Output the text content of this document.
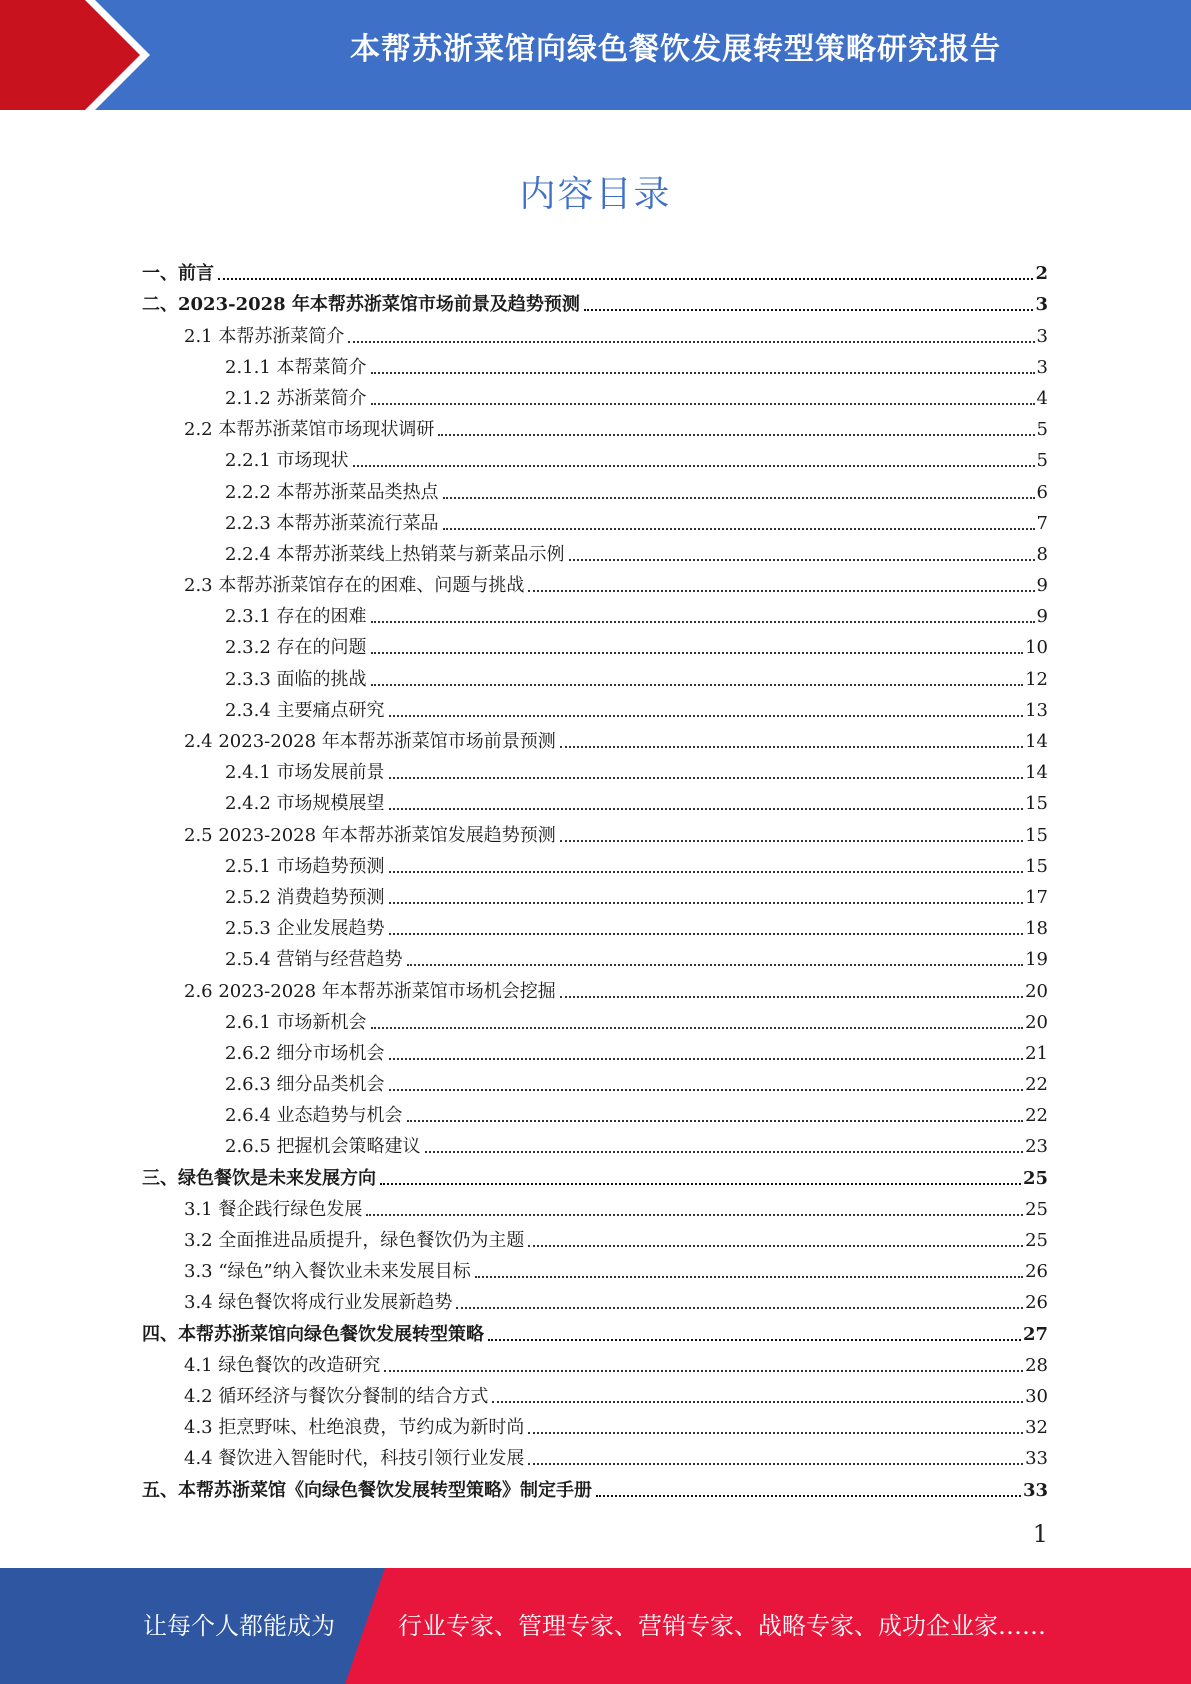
本帮苏浙菜馆向绿色餐饮发展转型策略研究报告
内容目录
一、前言	2
二、2023-2028 年本帮苏浙菜馆市场前景及趋势预测	3
2.1 本帮苏浙菜简介	3
2.1.1 本帮菜简介	3
2.1.2 苏浙菜简介	4
2.2 本帮苏浙菜馆市场现状调研	5
2.2.1 市场现状	5
2.2.2 本帮苏浙菜品类热点	6
2.2.3 本帮苏浙菜流行菜品	7
2.2.4 本帮苏浙菜线上热销菜与新菜品示例	8
2.3 本帮苏浙菜馆存在的困难、问题与挑战	9
2.3.1 存在的困难	9
2.3.2 存在的问题	10
2.3.3 面临的挑战	12
2.3.4 主要痛点研究	13
2.4 2023-2028 年本帮苏浙菜馆市场前景预测	14
2.4.1 市场发展前景	14
2.4.2 市场规模展望	15
2.5 2023-2028 年本帮苏浙菜馆发展趋势预测	15
2.5.1 市场趋势预测	15
2.5.2 消费趋势预测	17
2.5.3 企业发展趋势	18
2.5.4 营销与经营趋势	19
2.6 2023-2028 年本帮苏浙菜馆市场机会挖掘	20
2.6.1 市场新机会	20
2.6.2 细分市场机会	21
2.6.3 细分品类机会	22
2.6.4 业态趋势与机会	22
2.6.5 把握机会策略建议	23
三、绿色餐饮是未来发展方向	25
3.1 餐企践行绿色发展	25
3.2 全面推进品质提升，绿色餐饮仍为主题	25
3.3 “绿色”纳入餐饮业未来发展目标	26
3.4 绿色餐饮将成行业发展新趋势	26
四、本帮苏浙菜馆向绿色餐饮发展转型策略	27
4.1 绿色餐饮的改造研究	28
4.2 循环经济与餐饮分餐制的结合方式	30
4.3 拒烹野味、杜绝浪费，节约成为新时尚	32
4.4 餐饮进入智能时代，科技引领行业发展	33
五、本帮苏浙菜馆《向绿色餐饮发展转型策略》制定手册	33
1
让每个人都能成为	行业专家、管理专家、营销专家、战略专家、成功企业家……
